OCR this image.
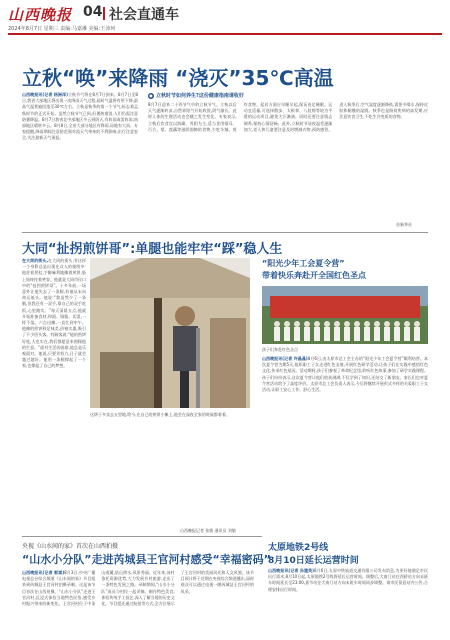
山西晚报 04 社会直通车
2024年8月7日 星期三 责编:马嘉琳 美编:王沛珂
立秋“唤”来降雨 “浇灭”35℃高温
山西晚报讯(记者 杨洲洋)立秋节气将在8月7日到来。8月7日至8日,我省大部地区将出现一次降雨天气过程,届时气温将有所下降,最高气温普遍回落至30℃左右。立秋是秋季的第一个节气,标志着孟秋时节的正式开始。虽然立秋节气已到,但暑热难消,人们仍需注意防暑降温。8月7日我省北中部地区多云到阴天,有阵雨或雷阵雨;南部地区晴转多云。8月8日,全省大部分地区有降雨,局地有大雨。专家提醒,降雨期间注意防范强对流天气带来的不利影响,出行注意安全,关注最新天气预报。
● 立秋时节如何养生?这份健康指南请收好
8月7日迎来二十四节气中的立秋节气。立秋以后天气逐渐转凉,自然界阳气开始收敛,阴气渐长。此时人体的生理活动也会随之发生变化。专家表示,立秋后饮食宜以润燥、养阴为主,适当食用银耳、百合、梨、莲藕等滋阴润肺的食物,少吃辛辣、煎炸食物。起居方面应早睡早起,保证充足睡眠。运动宜适量,可选择散步、太极拳、八段锦等较为平缓的运动项目,避免大汗淋漓。同时还要注意情志调养,保持心情舒畅。此外,立秋时节昼夜温差逐渐加大,老人和儿童要注意及时增减衣物,预防感冒。进入秋季后,空气湿度逐渐降低,需要多喝水,保持皮肤和黏膜的湿润。秋季也是肠胃疾病的高发期,应注意饮食卫生,不吃生冷变质的食物。
首新华社
大同“扯拐煎饼哥”:单腿也能牢牢“踩”稳人生
在大同的街头,在大同的街头,有这样一个身影总是出现在众人的视线中:他拄着拐杖,手脚麻利地摊着煎饼,脸上始终挂着笑容。他就是大同市民口中的“扯拐煎饼哥”。十多年前,一场意外让他失去了一条腿,但他从未向命运低头。他说:“我虽然少了一条腿,但我还有一双手,靠自己的双手吃饭,心里踏实。”每天清晨五点,他就开始准备食材,和面、调酱、切菜,一样不落。六点出摊,一直忙到中午。他摊的煎饼料足味美,价格实惠,吸引了不少回头客。有顾客说:“他的煎饼好吃,人也实在,我们都愿意来照顾他的生意。”面对生活的困难,他总是乐观面对。他说,只要肯努力,日子就会越过越好。他用一条腿撑起了一个家,也撑起了自己的梦想。
这饼子多卖去五里地,给今,在自己的煎饼小摊上,他会在深夜全家的时候都着着。
山西晚报记者 张敏 通讯员 刘敏
“阳光少年工会夏令营”
带着快乐奔赴开全国红色圣点
孩子们奔赴红色圣点
山西晚报讯(记者 许晶晶)8月6日,由太原市总工会主办的“阳光少年工会夏令营”顺利结营。本次夏令营为期5天,组织职工子女走进红色圣地,开展红色研学活动,让孩子们在实践中感悟红色文化,传承红色基因。活动期间,孩子们参观了革命纪念馆,聆听红色故事,参加了研学实践课程。孩子们纷纷表示,这次夏令营让他们收获满满,不仅学到了知识,还结交了新朋友。家长们也对夏令营活动给予了高度评价。太原市总工会负责人表示,今后将继续开展形式多样的关爱职工子女活动,让职工安心工作、舒心生活。
央视《山水间的家》首次在山西拍摄
“山水小分队”走进芮城县王官河村感受“幸福密码”
山西晚报讯(记者 郭斌)8月3日,中央广播电视总台综合频道《山水间的家》节目组来到芮城县王官河村拍摄录制。这是该节目首次在山西拍摄。“山水小分队”走进王官河村,沉浸式体验当地特色民俗,感受乡村振兴带来的新变化。王官河村位于中条山南麓,依山傍水,风景秀丽。近年来,该村依托资源优势,大力发展乡村旅游,走出了一条特色发展之路。录制期间,“山水小分队”成员与村民一起采摘、制作特色美食,体验传统手工技艺,深入了解当地的历史文化。节目组还通过航拍等方式,全方位展示了王官河村的美丽风光和人文风貌。该节目预计将于近期在央视综合频道播出,届时观众可以通过电视一睹芮城县王官河村的风采。
太原地铁2号线
8月10日延长运营时间
山西晚报讯(记者 孙建英)8月6日,太原中铁轨道交通有限公司发布消息,为更好地满足市民出行需求,8月10日起,太原地铁2号线将延长运营时间。调整后,大南门站往西桥站方向末班车时间延长至23:00,嘉节站往大南门站方向末班车时间同步调整。请市民留意站内公告,合理安排出行时间。
